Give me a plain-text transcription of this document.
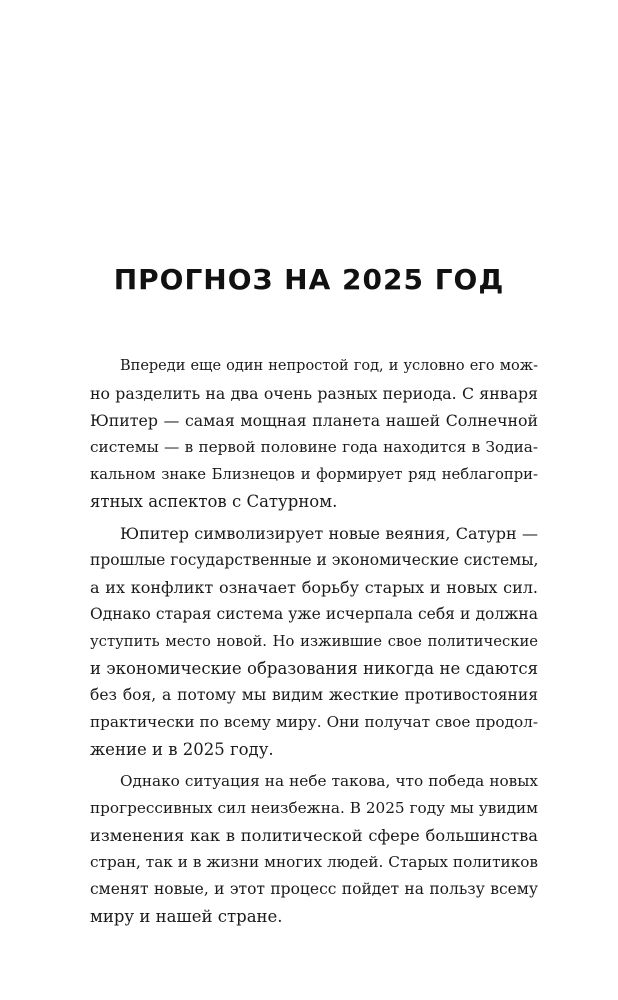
ПРОГНОЗ НА 2025 ГОД
Впереди еще один непростой год, и условно его мож-
но разделить на два очень разных периода. С января
Юпитер — самая мощная планета нашей Солнечной
системы — в первой половине года находится в Зодиа-
кальном знаке Близнецов и формирует ряд неблагопри-
ятных аспектов с Сатурном.
Юпитер символизирует новые веяния, Сатурн —
прошлые государственные и экономические системы,
а их конфликт означает борьбу старых и новых сил.
Однако старая система уже исчерпала себя и должна
уступить место новой. Но изжившие свое политические
и экономические образования никогда не сдаются
без боя, а потому мы видим жесткие противостояния
практически по всему миру. Они получат свое продол-
жение и в 2025 году.
Однако ситуация на небе такова, что победа новых
прогрессивных сил неизбежна. В 2025 году мы увидим
изменения как в политической сфере большинства
стран, так и в жизни многих людей. Старых политиков
сменят новые, и этот процесс пойдет на пользу всему
миру и нашей стране.
